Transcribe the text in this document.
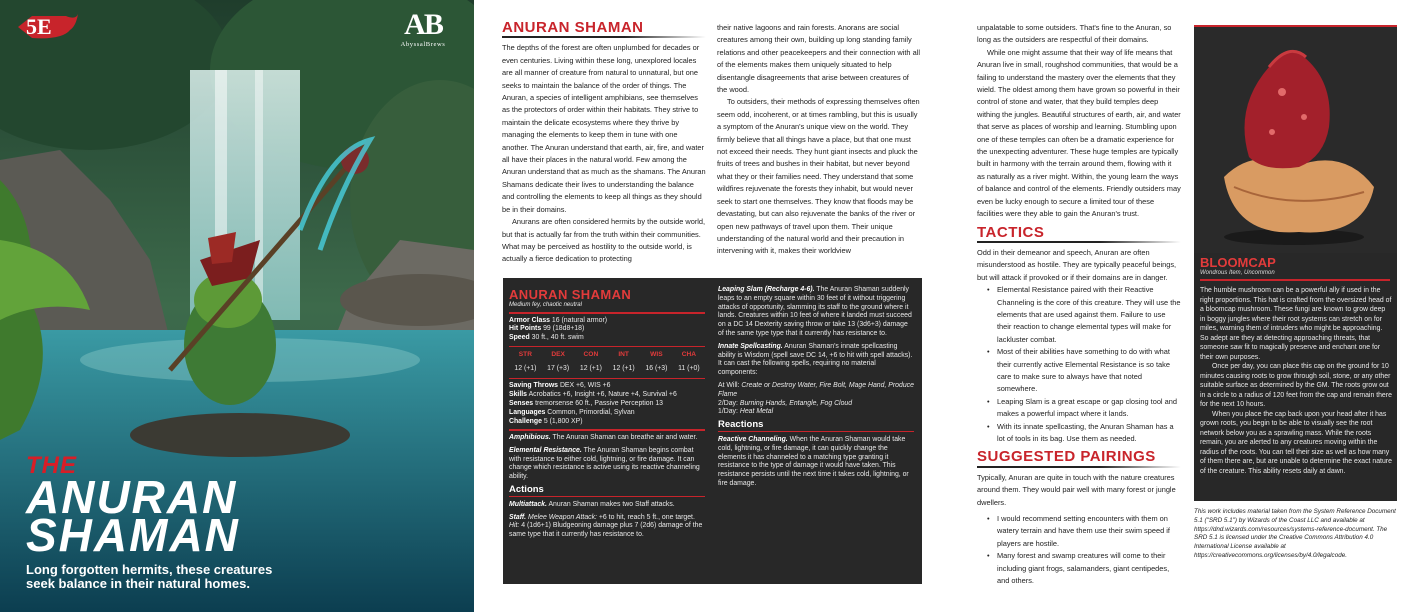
5E	AB
AbyssalBrews
THE
ANURAN
SHAMAN
Long forgotten hermits, these creatures seek balance in their natural homes.
ANURAN SHAMAN

The depths of the forest are often unplumbed for decades or even centuries. Living within these long, unexplored locales are all manner of creature from natural to unnatural, but one seeks to maintain the balance of the order of things. The Anuran, a species of intelligent amphibians, see themselves as the protectors of order within their habitats. They strive to maintain the delicate ecosystems where they thrive by managing the elements to keep them in tune with one another. The Anuran understand that earth, air, fire, and water all have their places in the natural world. Few among the Anuran understand that as much as the shamans. The Anuran Shamans dedicate their lives to understanding the balance and controlling the elements to keep all things as they should be in their domains.

Anurans are often considered hermits by the outside world, but that is actually far from the truth within their communities. What may be perceived as hostility to the outside world, is actually a fierce dedication to protecting

their native lagoons and rain forests. Anorans are social creatures among their own, building up long standing family relations and other peacekeepers and their connection with all of the elements makes them uniquely situated to help disentangle disagreements that arise between creatures of the wood.

To outsiders, their methods of expressing themselves often seem odd, incoherent, or at times rambling, but this is usually a symptom of the Anuran's unique view on the world. They firmly believe that all things have a place, but that one must not exceed their needs. They hunt giant insects and pluck the fruits of trees and bushes in their habitat, but never beyond what they or their families need. They understand that some wildfires rejuvenate the forests they inhabit, but would never seek to start one themselves. They know that floods may be devastating, but can also rejuvenate the banks of the river or open new pathways of travel upon them. Their unique understanding of the natural world and their precaution in intervening with it, makes their worldview

ANURAN SHAMAN
Medium fey, chaotic neutral
Armor Class 16 (natural armor)
Hit Points 99 (18d8+18)
Speed 30 ft., 40 ft. swim
STR
12 (+1)
DEX
17 (+3)
CON
12 (+1)
INT
12 (+1)
WIS
16 (+3)
CHA
11 (+0)
Saving Throws DEX +6, WIS +6
Skills Acrobatics +6, Insight +6, Nature +4, Survival +6
Senses tremorsense 60 ft., Passive Perception 13
Languages Common, Primordial, Sylvan
Challenge 5 (1,800 XP)

Amphibious. The Anuran Shaman can breathe air and water.

Elemental Resistance. The Anuran Shaman begins combat with resistance to either cold, lightning, or fire damage. It can change which resistance is active using its reactive channeling ability.

Actions

Multiattack. Anuran Shaman makes two Staff attacks.

Staff. Melee Weapon Attack: +6 to hit, reach 5 ft., one target. Hit: 4 (1d6+1) Bludgeoning damage plus 7 (2d6) damage of the same type that it currently has resistance to.

Leaping Slam (Recharge 4-6). The Anuran Shaman suddenly leaps to an empty square within 30 feet of it without triggering attacks of opportunity, slamming its staff to the ground where it lands. Creatures within 10 feet of where it landed must succeed on a DC 14 Dexterity saving throw or take 13 (3d6+3) damage of the same type type that it currently has resistance to.

Innate Spellcasting. Anuran Shaman's innate spellcasting ability is Wisdom (spell save DC 14, +6 to hit with spell attacks). It can cast the following spells, requiring no material components:

At Will: Create or Destroy Water, Fire Bolt, Mage Hand, Produce Flame
2/Day: Burning Hands, Entangle, Fog Cloud
1/Day: Heat Metal

Reactions

Reactive Channeling. When the Anuran Shaman would take cold, lightning, or fire damage, it can quickly change the elements it has channeled to a matching type granting it resistance to the type of damage it would have taken. This resistance persists until the next time it takes cold, lightning, or fire damage.

unpalatable to some outsiders. That's fine to the Anuran, so long as the outsiders are respectful of their domains.

While one might assume that their way of life means that Anuran live in small, roughshod communities, that would be a failing to understand the mastery over the elements that they wield. The oldest among them have grown so powerful in their control of stone and water, that they build temples deep withing the jungles. Beautiful structures of earth, air, and water that serve as places of worship and learning. Stumbling upon one of these temples can often be a dramatic experience for the unexpecting adventurer. These huge temples are typically built in harmony with the terrain around them, flowing with it as naturally as a river might. Within, the young learn the ways of balance and control of the elements. Friendly outsiders may even be lucky enough to secure a limited tour of these facilities were they able to gain the Anuran's trust.

TACTICS

Odd in their demeanor and speech, Anuran are often misunderstood as hostile. They are typically peaceful beings, but will attack if provoked or if their domains are in danger.

• Elemental Resistance paired with their Reactive Channeling is the core of this creature. They will use the elements that are used against them. Failure to use their reaction to change elemental types will make for lackluster combat.
• Most of their abilities have something to do with what their currently active Elemental Resistance is so take care to make sure to always have that noted somewhere.
• Leaping Slam is a great escape or gap closing tool and makes a powerful impact where it lands.
• With its innate spellcasting, the Anuran Shaman has a lot of tools in its bag. Use them as needed.
SUGGESTED PAIRINGS

Typically, Anuran are quite in touch with the nature creatures around them. They would pair well with many forest or jungle dwellers.

• I would recommend setting encounters with them on watery terrain and have them use their swim speed if players are hostile.
• Many forest and swamp creatures will come to their including giant frogs, salamanders, giant centipedes, and others.
BLOOMCAP
Wondrous Item, Uncommon

The humble mushroom can be a powerful ally if used in the right proportions. This hat is crafted from the oversized head of a bloomcap mushroom. These fungi are known to grow deep in boggy jungles where their root systems can stretch on for miles, warning them of intruders who might be approaching. So adept are they at detecting approaching threats, that someone saw fit to magically preserve and enchant one for their own purposes.

Once per day, you can place this cap on the ground for 10 minutes causing roots to grow through soil, stone, or any other suitable surface as determined by the GM. The roots grow out in a circle to a radius of 120 feet from the cap and remain there for the next 10 hours.

When you place the cap back upon your head after it has grown roots, you begin to be able to visually see the root network below you as a sprawling mass. While the roots remain, you are alerted to any creatures moving within the radius of the roots. You can tell their size as well as how many of them there are, but are unable to determine the exact nature of the creature. This ability resets daily at dawn.

This work includes material taken from the System Reference Document 5.1 ("SRD 5.1") by Wizards of the Coast LLC and available at https://dnd.wizards.com/resources/systems-reference-document. The SRD 5.1 is licensed under the Creative Commons Attribution 4.0 International License available at https://creativecommons.org/licenses/by/4.0/legalcode.
